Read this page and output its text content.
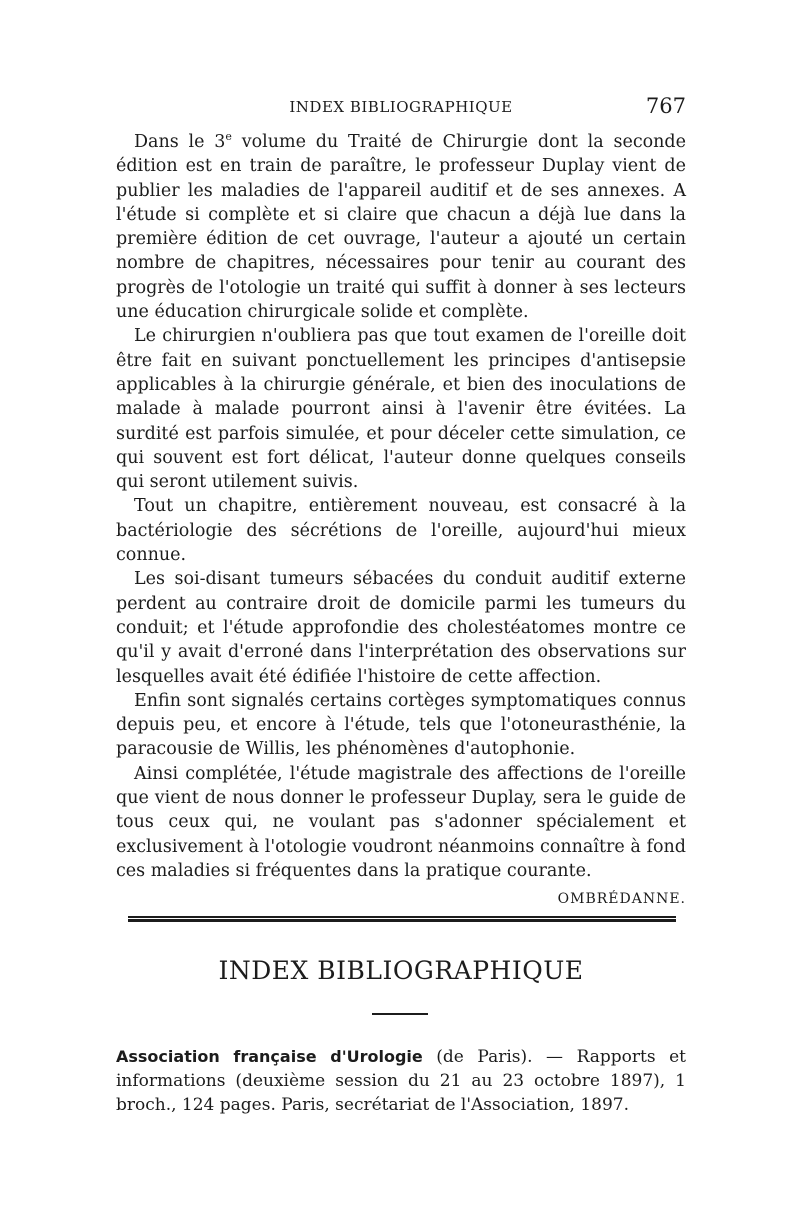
INDEX BIBLIOGRAPHIQUE	767

Dans le 3e volume du Traité de Chirurgie dont la seconde édition est en train de paraître, le professeur Duplay vient de publier les maladies de l'appareil auditif et de ses annexes. A l'étude si complète et si claire que chacun a déjà lue dans la première édition de cet ouvrage, l'auteur a ajouté un certain nombre de chapitres, nécessaires pour tenir au courant des progrès de l'otologie un traité qui suffit à donner à ses lecteurs une éducation chirurgicale solide et complète.

Le chirurgien n'oubliera pas que tout examen de l'oreille doit être fait en suivant ponctuellement les principes d'antisepsie applicables à la chirurgie générale, et bien des inoculations de malade à malade pourront ainsi à l'avenir être évitées. La surdité est parfois simulée, et pour déceler cette simulation, ce qui souvent est fort délicat, l'auteur donne quelques conseils qui seront utilement suivis.

Tout un chapitre, entièrement nouveau, est consacré à la bactériologie des sécrétions de l'oreille, aujourd'hui mieux connue.

Les soi-disant tumeurs sébacées du conduit auditif externe perdent au contraire droit de domicile parmi les tumeurs du conduit; et l'étude approfondie des cholestéatomes montre ce qu'il y avait d'erroné dans l'interprétation des observations sur lesquelles avait été édifiée l'histoire de cette affection.

Enfin sont signalés certains cortèges symptomatiques connus depuis peu, et encore à l'étude, tels que l'otoneurasthénie, la paracousie de Willis, les phénomènes d'autophonie.

Ainsi complétée, l'étude magistrale des affections de l'oreille que vient de nous donner le professeur Duplay, sera le guide de tous ceux qui, ne voulant pas s'adonner spécialement et exclusivement à l'otologie voudront néanmoins connaître à fond ces maladies si fréquentes dans la pratique courante.

OMBRÉDANNE.

INDEX BIBLIOGRAPHIQUE
Association française d'Urologie (de Paris). — Rapports et informations (deuxième session du 21 au 23 octobre 1897), 1 broch., 124 pages. Paris, secrétariat de l'Association, 1897.
